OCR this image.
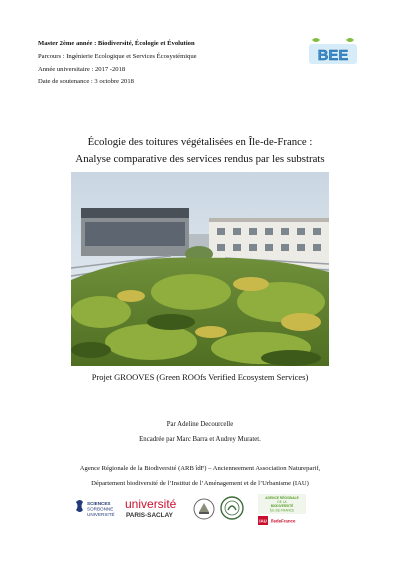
Master 2ème année : Biodiversité, Écologie et Évolution
Parcours : Ingénierie Ecologique et Services Écosystémique
Année universitaire : 2017 -2018
Date de soutenance : 3 octobre 2018
BEE
Écologie des toitures végétalisées en Île-de-France :
Analyse comparative des services rendus par les substrats
Projet GROOVES (Green ROOfs Verified Ecosystem Services)
Par Adeline Decourcelle
Encadrée par Marc Barra et Audrey Muratet.
Agence Régionale de la Biodiversité (ARB îdF) – Ancienneement Association Natureparif,
Département biodiversité de l’Institut de l’Aménagement et de l’Urbanisme (IAU)
SCIENCES
SORBONNE
UNIVERSITÉ
université
PARIS-SACLAY
AGENCE RÉGIONALE
DE LA
BIODIVERSITÉ
ÎLE-DE-FRANCE
IAU îledeFrance
